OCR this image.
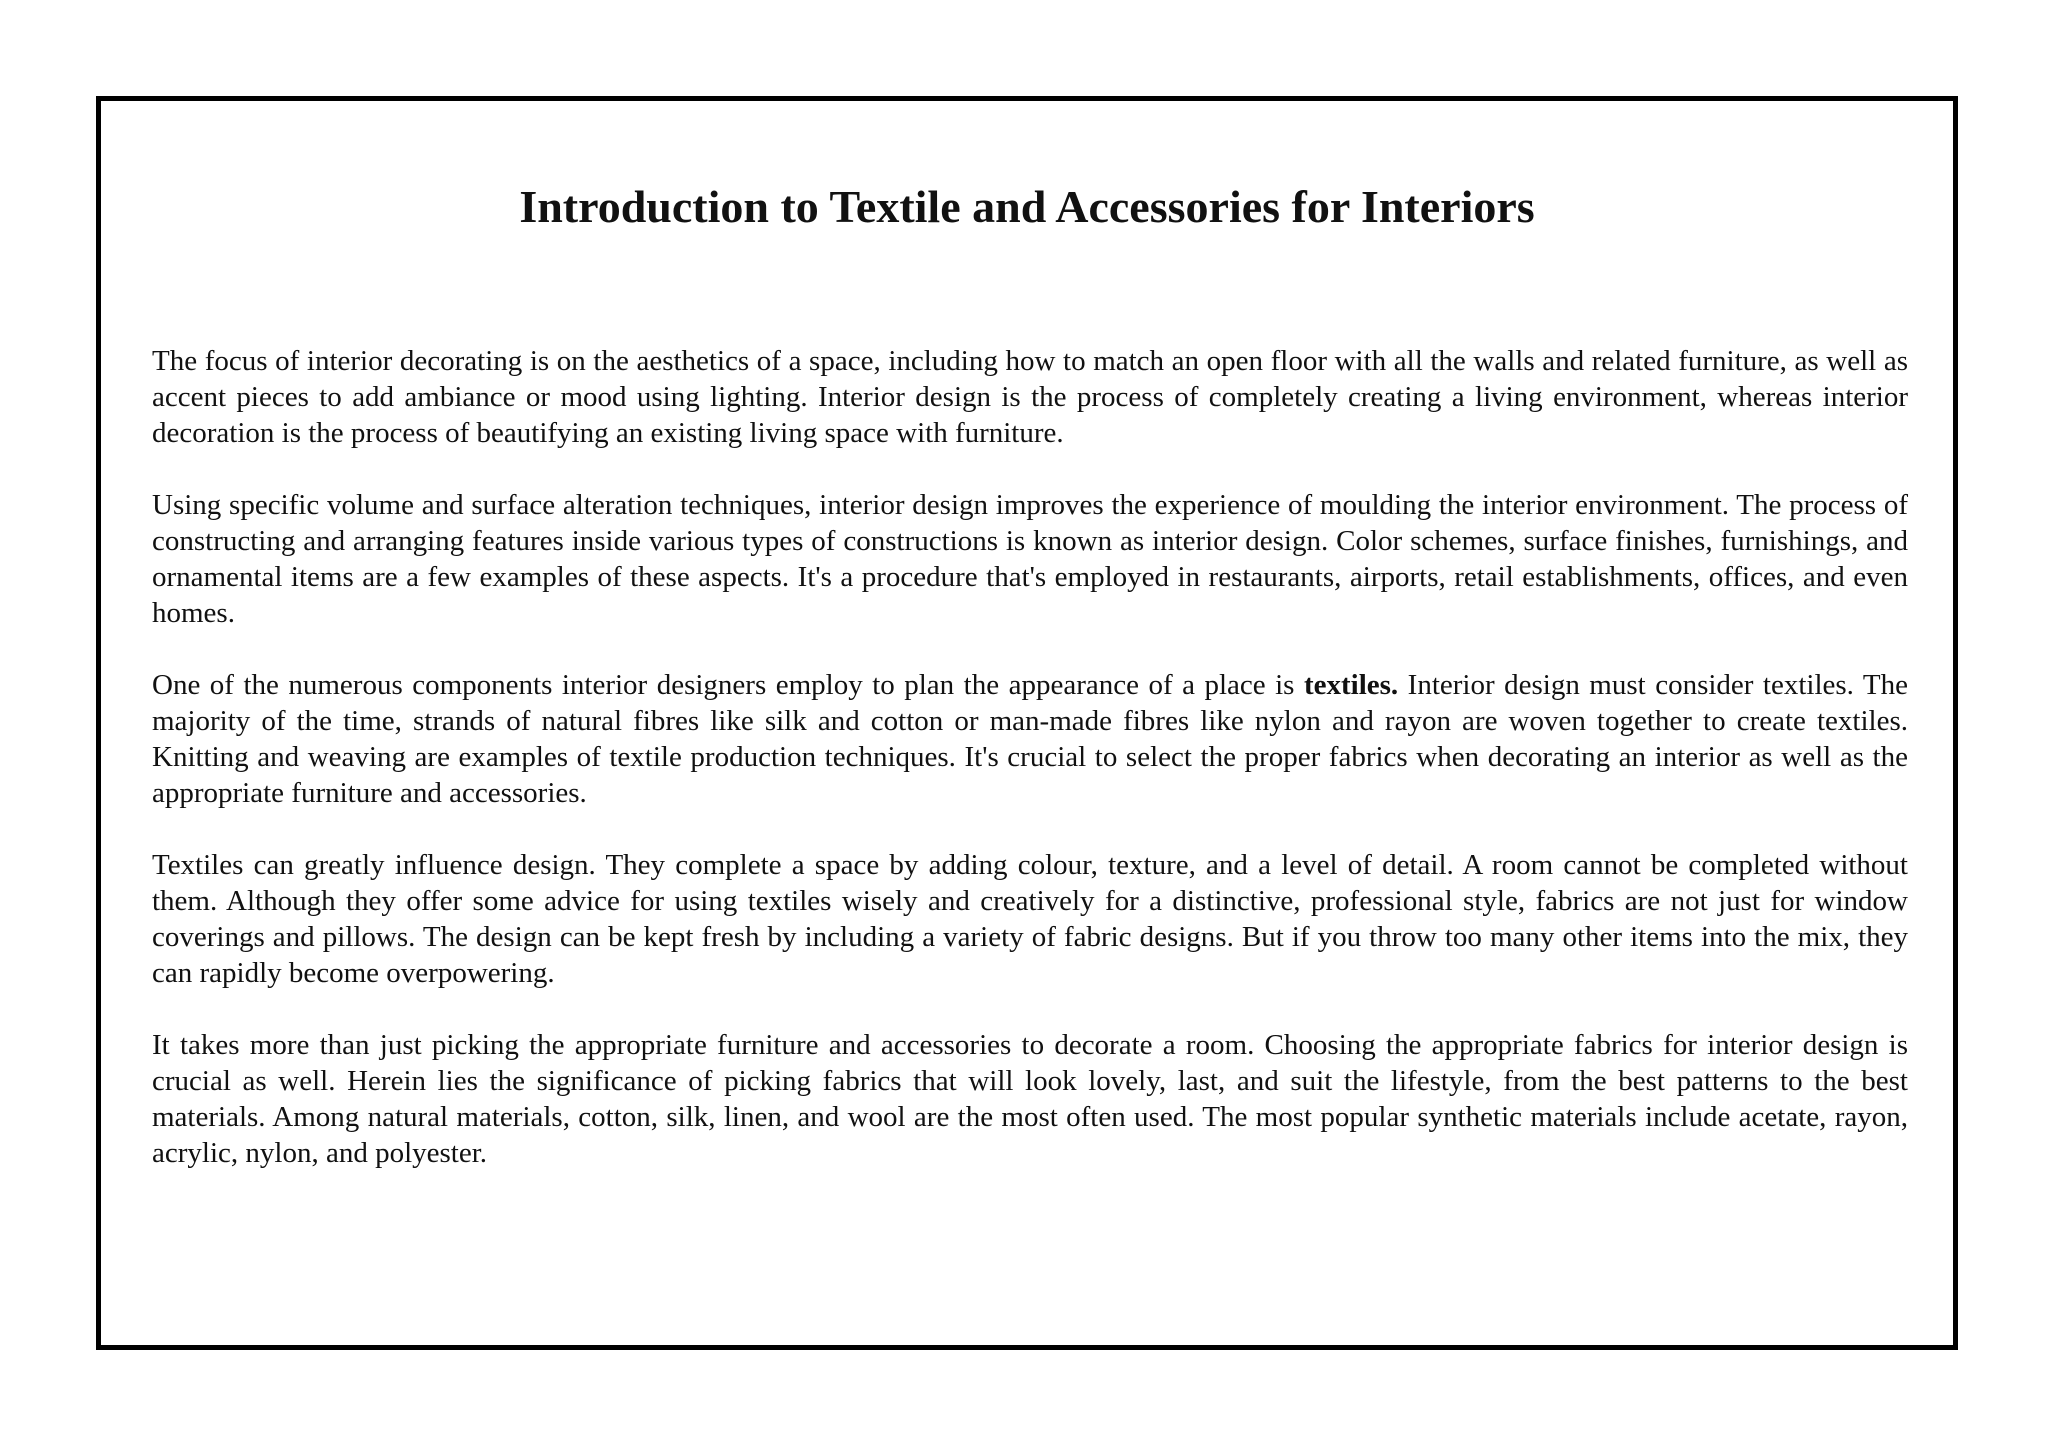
Introduction to Textile and Accessories for Interiors

The focus of interior decorating is on the aesthetics of a space, including how to match an open floor with all the walls and related furniture, as well as accent pieces to add ambiance or mood using lighting. Interior design is the process of completely creating a living environment, whereas interior decoration is the process of beautifying an existing living space with furniture.

Using specific volume and surface alteration techniques, interior design improves the experience of moulding the interior environment. The process of constructing and arranging features inside various types of constructions is known as interior design. Color schemes, surface finishes, furnishings, and ornamental items are a few examples of these aspects. It's a procedure that's employed in restaurants, airports, retail establishments, offices, and even homes.

One of the numerous components interior designers employ to plan the appearance of a place is textiles. Interior design must consider textiles. The majority of the time, strands of natural fibres like silk and cotton or man-made fibres like nylon and rayon are woven together to create textiles. Knitting and weaving are examples of textile production techniques. It's crucial to select the proper fabrics when decorating an interior as well as the appropriate furniture and accessories.

Textiles can greatly influence design. They complete a space by adding colour, texture, and a level of detail. A room cannot be completed without them. Although they offer some advice for using textiles wisely and creatively for a distinctive, professional style, fabrics are not just for window coverings and pillows. The design can be kept fresh by including a variety of fabric designs. But if you throw too many other items into the mix, they can rapidly become overpowering.

It takes more than just picking the appropriate furniture and accessories to decorate a room. Choosing the appropriate fabrics for interior design is crucial as well. Herein lies the significance of picking fabrics that will look lovely, last, and suit the lifestyle, from the best patterns to the best materials. Among natural materials, cotton, silk, linen, and wool are the most often used. The most popular synthetic materials include acetate, rayon, acrylic, nylon, and polyester.
